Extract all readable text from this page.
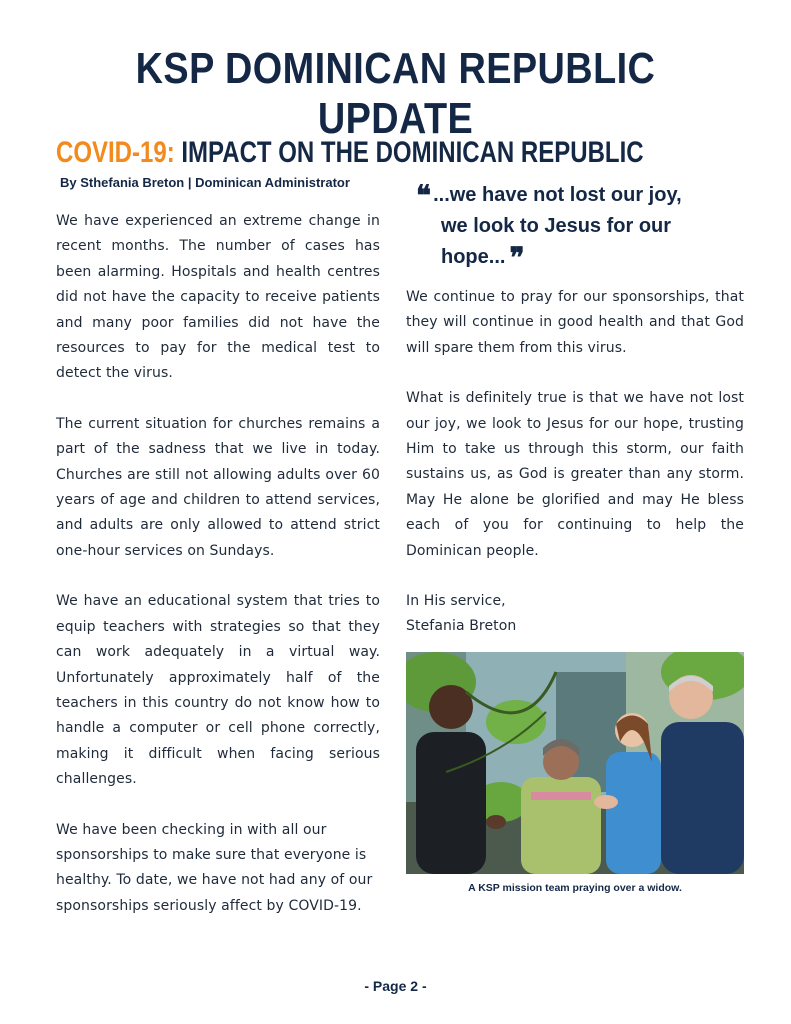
KSP DOMINICAN REPUBLIC UPDATE
COVID-19: IMPACT ON THE DOMINICAN REPUBLIC
By Sthefania Breton | Dominican Administrator

We have experienced an extreme change in recent months. The number of cases has been alarming. Hospitals and health centres did not have the capacity to receive patients and many poor families did not have the resources to pay for the medical test to detect the virus.

The current situation for churches remains a part of the sadness that we live in today. Churches are still not allowing adults over 60 years of age and children to attend services, and adults are only allowed to attend strict one-hour services on Sundays.

We have an educational system that tries to equip teachers with strategies so that they can work adequately in a virtual way. Unfortunately approximately half of the teachers in this country do not know how to handle a computer or cell phone correctly, making it difficult when facing serious challenges.

We have been checking in with all our sponsorships to make sure that everyone is healthy. To date, we have not had any of our sponsorships seriously affect by COVID-19.

❝ ...we have not lost our joy,
we look to Jesus for our
hope... ❞

We continue to pray for our sponsorships, that they will continue in good health and that God will spare them from this virus.

What is definitely true is that we have not lost our joy, we look to Jesus for our hope, trusting Him to take us through this storm, our faith sustains us, as God is greater than any storm. May He alone be glorified and may He bless each of you for continuing to help the Dominican people.

In His service,
Stefania Breton

A KSP mission team praying over a widow.
- Page 2 -
